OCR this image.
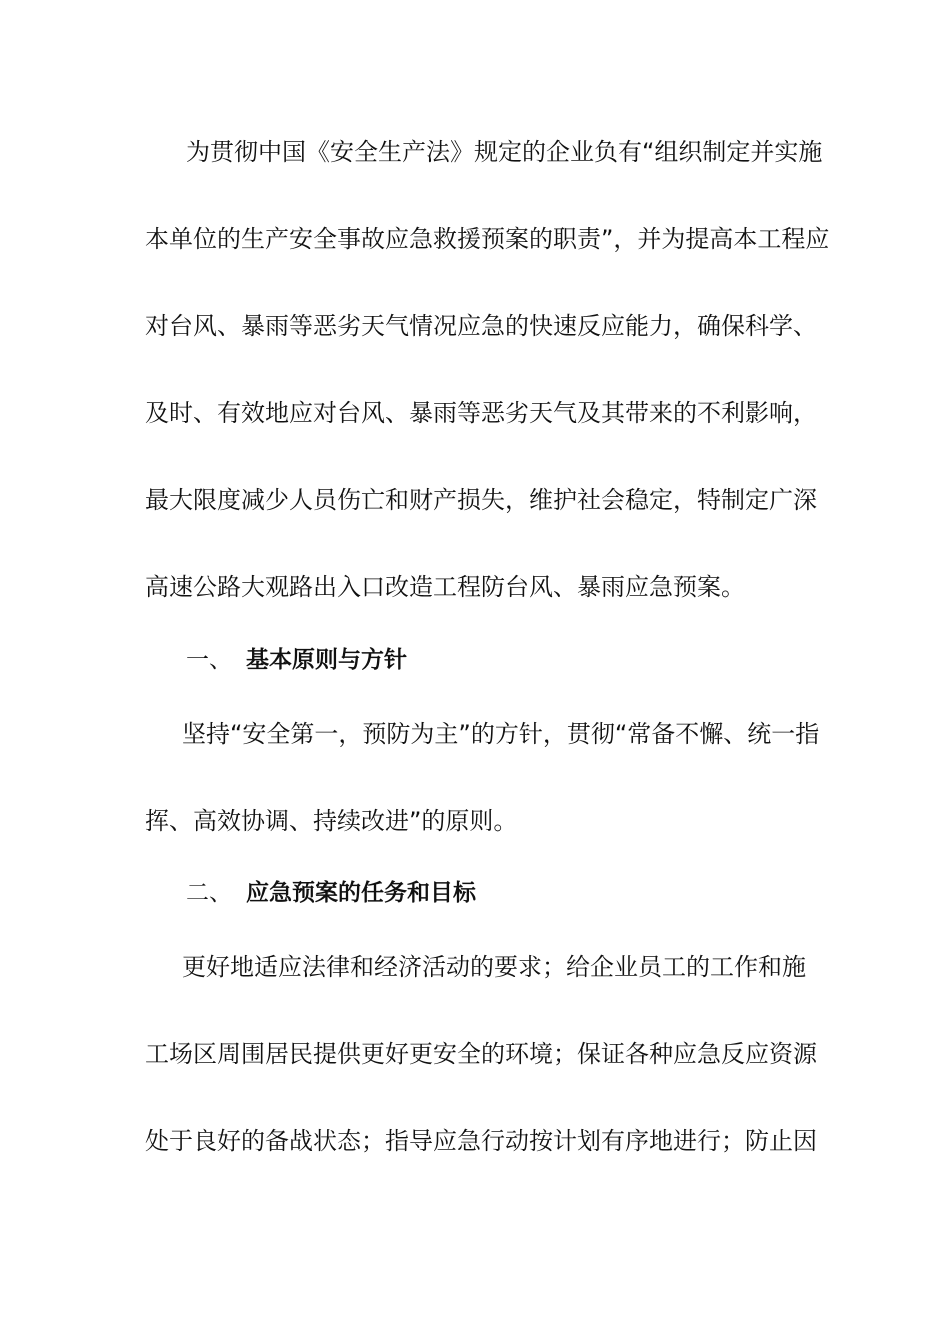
为贯彻中国《安全生产法》规定的企业负有“组织制定并实施
本单位的生产安全事故应急救援预案的职责”，并为提高本工程应
对台风、暴雨等恶劣天气情况应急的快速反应能力，确保科学、
及时、有效地应对台风、暴雨等恶劣天气及其带来的不利影响，
最大限度减少人员伤亡和财产损失，维护社会稳定，特制定广深
高速公路大观路出入口改造工程防台风、暴雨应急预案。
一、 基本原则与方针
坚持“安全第一，预防为主”的方针，贯彻“常备不懈、统一指
挥、高效协调、持续改进”的原则。
二、 应急预案的任务和目标
更好地适应法律和经济活动的要求；给企业员工的工作和施
工场区周围居民提供更好更安全的环境；保证各种应急反应资源
处于良好的备战状态；指导应急行动按计划有序地进行；防止因
